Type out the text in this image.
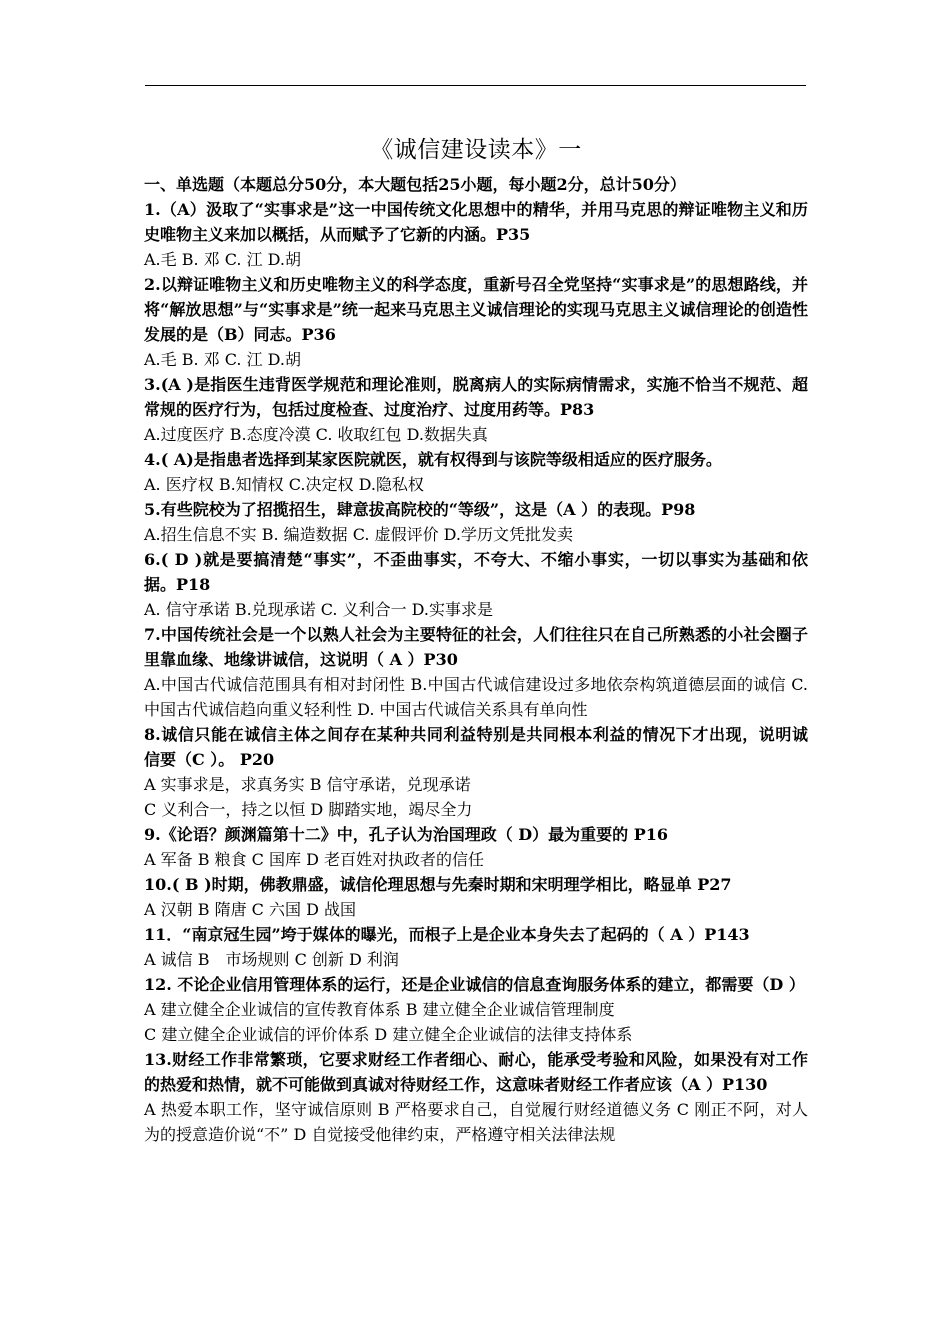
《诚信建设读本》一

一、单选题（本题总分50分，本大题包括25小题，每小题2分，总计50分）

1.（A）汲取了“实事求是”这一中国传统文化思想中的精华，并用马克思的辩证唯物主义和历史唯物主义来加以概括，从而赋予了它新的内涵。P35

A.毛 B. 邓 C. 江 D.胡

2.以辩证唯物主义和历史唯物主义的科学态度，重新号召全党坚持“实事求是”的思想路线，并将“解放思想”与“实事求是”统一起来马克思主义诚信理论的实现马克思主义诚信理论的创造性发展的是（B）同志。P36

A.毛 B. 邓 C. 江 D.胡

3.(A )是指医生违背医学规范和理论准则，脱离病人的实际病情需求，实施不恰当不规范、超常规的医疗行为，包括过度检查、过度治疗、过度用药等。P83

A.过度医疗 B.态度冷漠 C. 收取红包 D.数据失真

4.( A)是指患者选择到某家医院就医，就有权得到与该院等级相适应的医疗服务。

A. 医疗权 B.知情权 C.决定权 D.隐私权

5.有些院校为了招揽招生，肆意拔高院校的“等级”，这是（A ）的表现。P98

A.招生信息不实 B. 编造数据 C. 虚假评价 D.学历文凭批发卖

6.( D )就是要搞清楚“事实”，不歪曲事实，不夸大、不缩小事实，一切以事实为基础和依据。P18

A. 信守承诺 B.兑现承诺 C. 义利合一 D.实事求是

7.中国传统社会是一个以熟人社会为主要特征的社会，人们往往只在自己所熟悉的小社会圈子里靠血缘、地缘讲诚信，这说明（ A ）P30

A.中国古代诚信范围具有相对封闭性 B.中国古代诚信建设过多地依奈构筑道德层面的诚信 C. 中国古代诚信趋向重义轻利性 D. 中国古代诚信关系具有单向性

8.诚信只能在诚信主体之间存在某种共同利益特别是共同根本利益的情况下才出现，说明诚　信要（C ）。 P20

A 实事求是，求真务实 B 信守承诺，兑现承诺

C 义利合一，持之以恒 D 脚踏实地，竭尽全力

9.《论语？颜渊篇第十二》中，孔子认为治国理政（ D）最为重要的 P16

A 军备 B 粮食 C 国库 D 老百姓对执政者的信任

10.( B )时期，佛教鼎盛，诚信伦理思想与先秦时期和宋明理学相比，略显单 P27

A 汉朝 B 隋唐 C 六国 D 战国

11．“南京冠生园”垮于媒体的曝光，而根子上是企业本身失去了起码的（ A ）P143

A 诚信 B　市场规则 C 创新 D 利润

12. 不论企业信用管理体系的运行，还是企业诚信的信息查询服务体系的建立，都需要（D ）

A 建立健全企业诚信的宣传教育体系 B 建立健全企业诚信管理制度

C 建立健全企业诚信的评价体系 D 建立健全企业诚信的法律支持体系

13.财经工作非常繁琐，它要求财经工作者细心、耐心，能承受考验和风险，如果没有对工作的热爱和热情，就不可能做到真诚对待财经工作，这意味者财经工作者应该（A ）P130

A 热爱本职工作，坚守诚信原则 B 严格要求自己，自觉履行财经道德义务 C 刚正不阿，对人为的授意造价说“不” D 自觉接受他律约束，严格遵守相关法律法规
